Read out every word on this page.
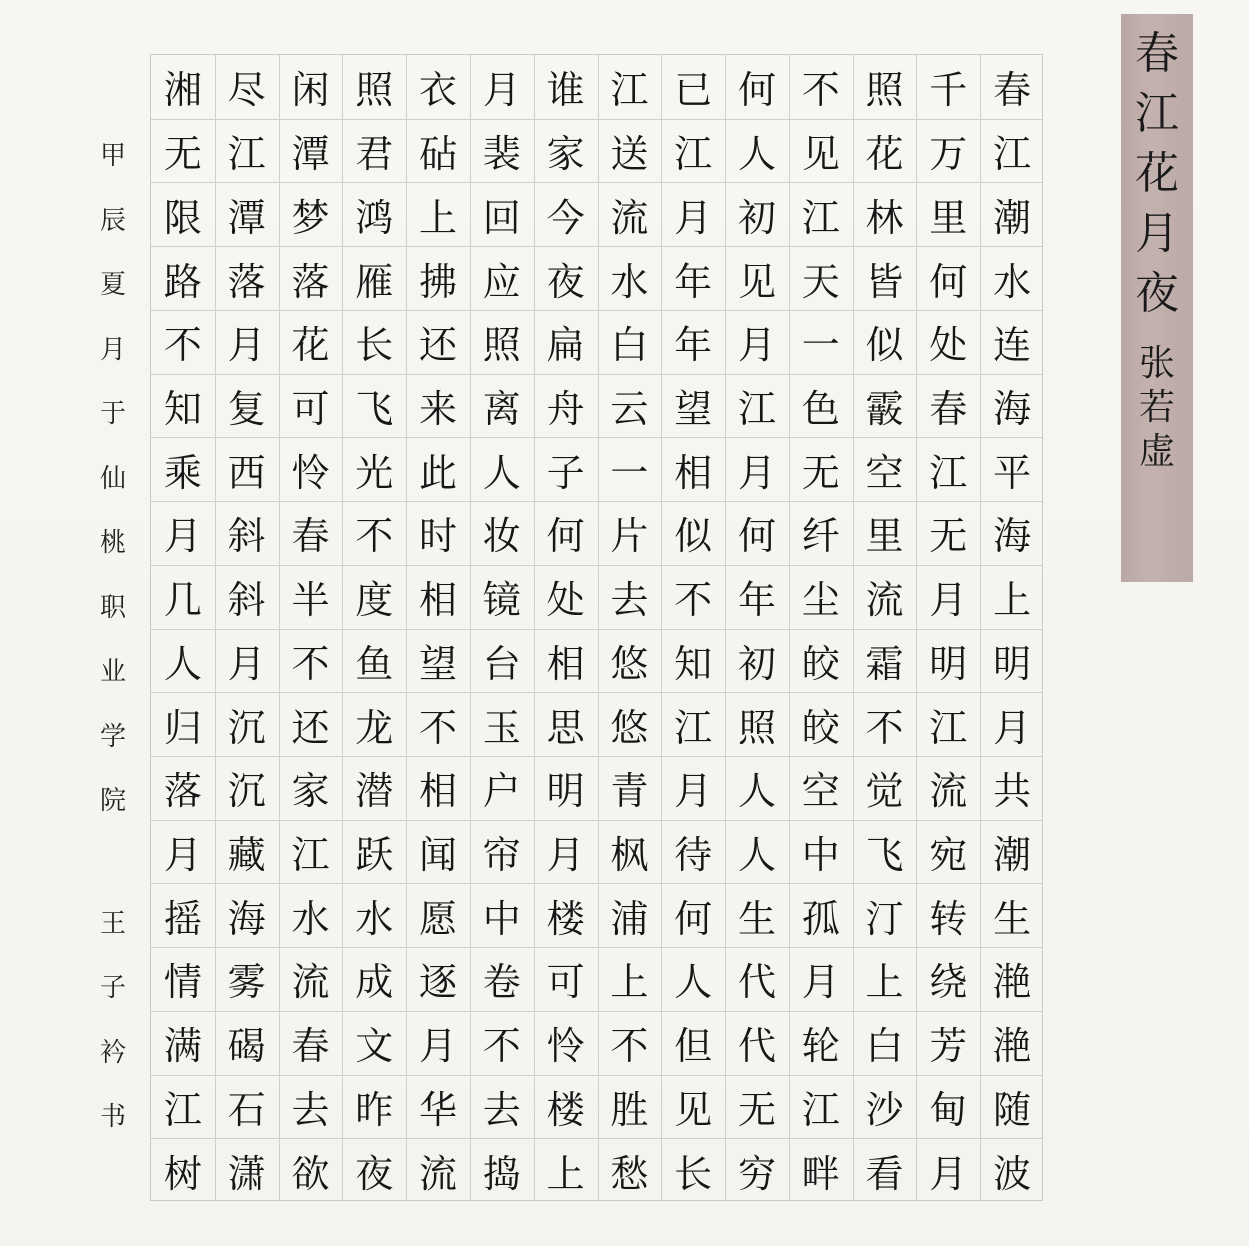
春
江
花
月
夜
张
若
虚
春
江
潮
水
连
海
平
海
上
明
月
共
潮
生
滟
滟
随
波
千
万
里
何
处
春
江
无
月
明
江
流
宛
转
绕
芳
甸
月
照
花
林
皆
似
霰
空
里
流
霜
不
觉
飞
汀
上
白
沙
看
不
见
江
天
一
色
无
纤
尘
皎
皎
空
中
孤
月
轮
江
畔
何
人
初
见
月
江
月
何
年
初
照
人
人
生
代
代
无
穷
已
江
月
年
年
望
相
似
不
知
江
月
待
何
人
但
见
长
江
送
流
水
白
云
一
片
去
悠
悠
青
枫
浦
上
不
胜
愁
谁
家
今
夜
扁
舟
子
何
处
相
思
明
月
楼
可
怜
楼
上
月
裴
回
应
照
离
人
妆
镜
台
玉
户
帘
中
卷
不
去
捣
衣
砧
上
拂
还
来
此
时
相
望
不
相
闻
愿
逐
月
华
流
照
君
鸿
雁
长
飞
光
不
度
鱼
龙
潜
跃
水
成
文
昨
夜
闲
潭
梦
落
花
可
怜
春
半
不
还
家
江
水
流
春
去
欲
尽
江
潭
落
月
复
西
斜
斜
月
沉
沉
藏
海
雾
碣
石
潇
湘
无
限
路
不
知
乘
月
几
人
归
落
月
摇
情
满
江
树
甲
辰
夏
月
于
仙
桃
职
业
学
院
王
子
衿
书
